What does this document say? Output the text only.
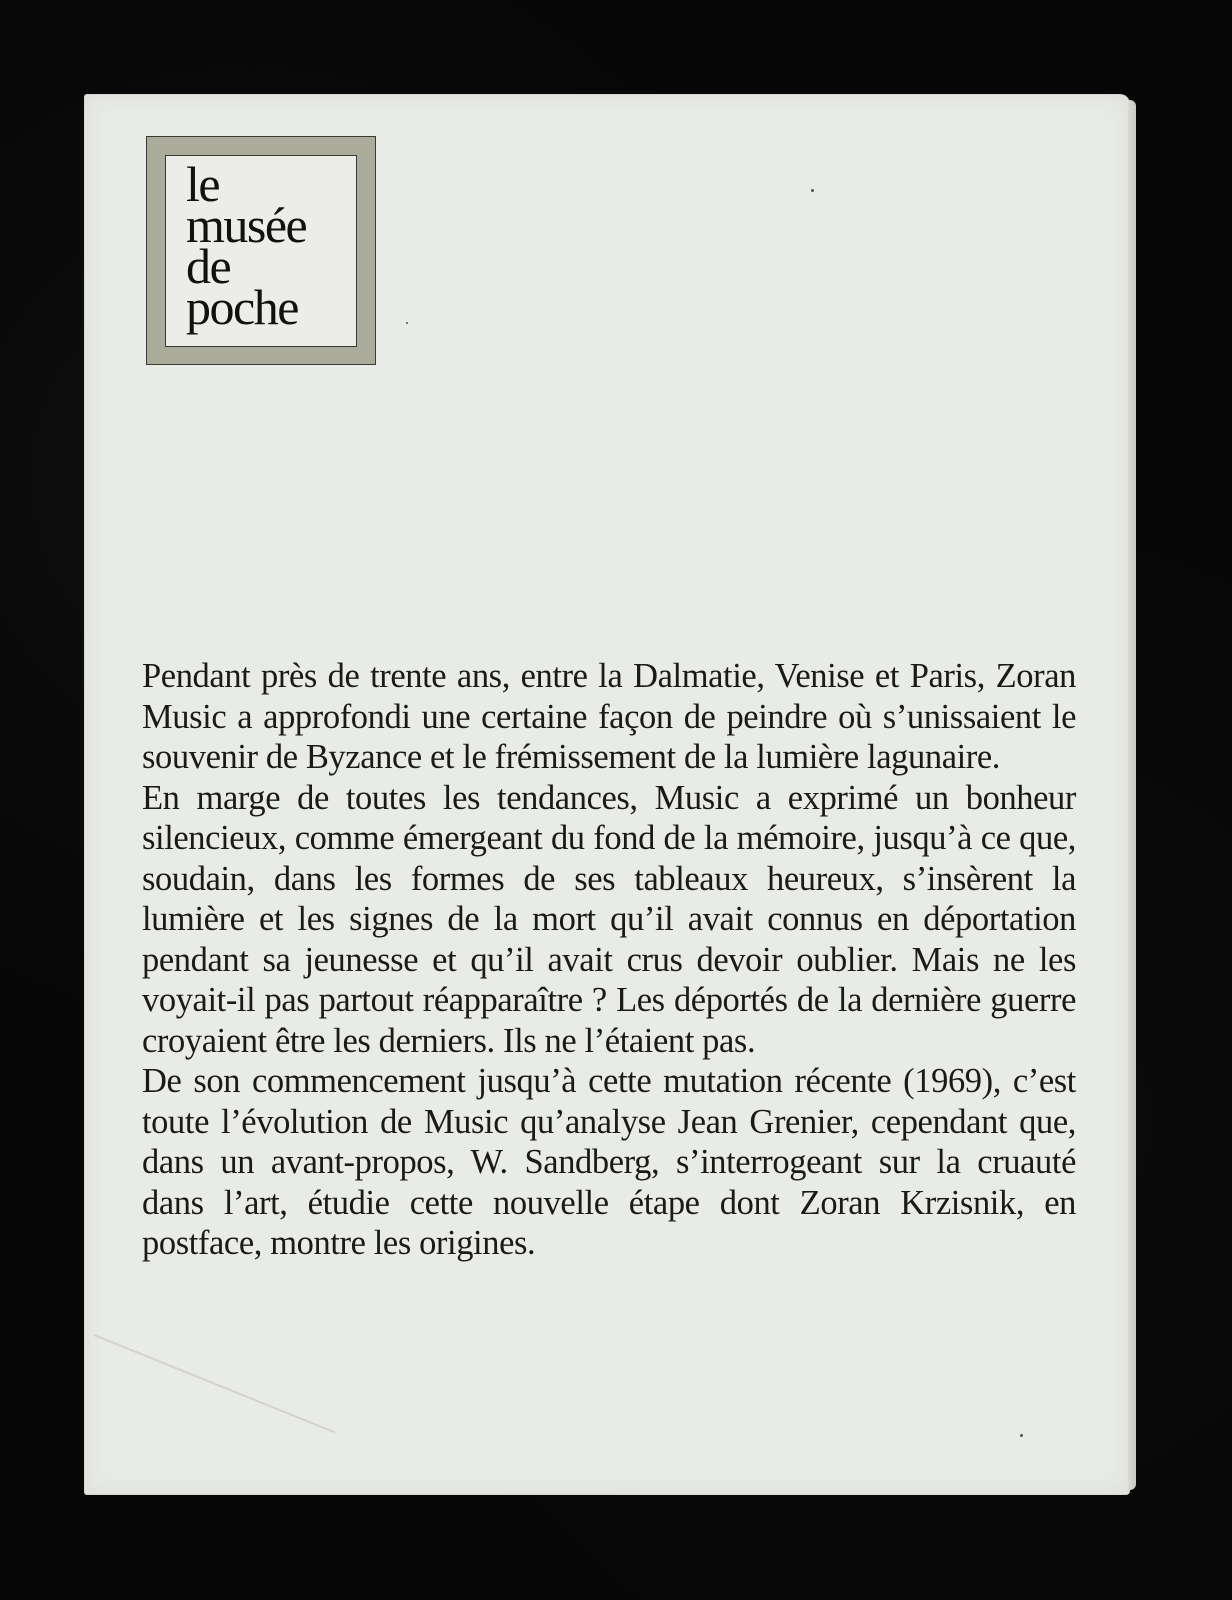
le
musée
de
poche

Pendant près de trente ans, entre la Dalmatie, Venise et Paris, Zoran Music a approfondi une certaine façon de peindre où s’unissaient le souvenir de Byzance et le frémissement de la lumière lagunaire.

En marge de toutes les tendances, Music a exprimé un bonheur silencieux, comme émergeant du fond de la mémoire, jusqu’à ce que, soudain, dans les formes de ses tableaux heureux, s’insèrent la lumière et les signes de la mort qu’il avait connus en déportation pendant sa jeunesse et qu’il avait crus devoir oublier. Mais ne les voyait-il pas partout réapparaître ? Les déportés de la dernière guerre croyaient être les derniers. Ils ne l’étaient pas.

De son commencement jusqu’à cette mutation récente (1969), c’est toute l’évolution de Music qu’analyse Jean Grenier, cependant que, dans un avant-propos, W. Sandberg, s’interrogeant sur la cruauté dans l’art, étudie cette nouvelle étape dont Zoran Krzisnik, en postface, montre les origines.
